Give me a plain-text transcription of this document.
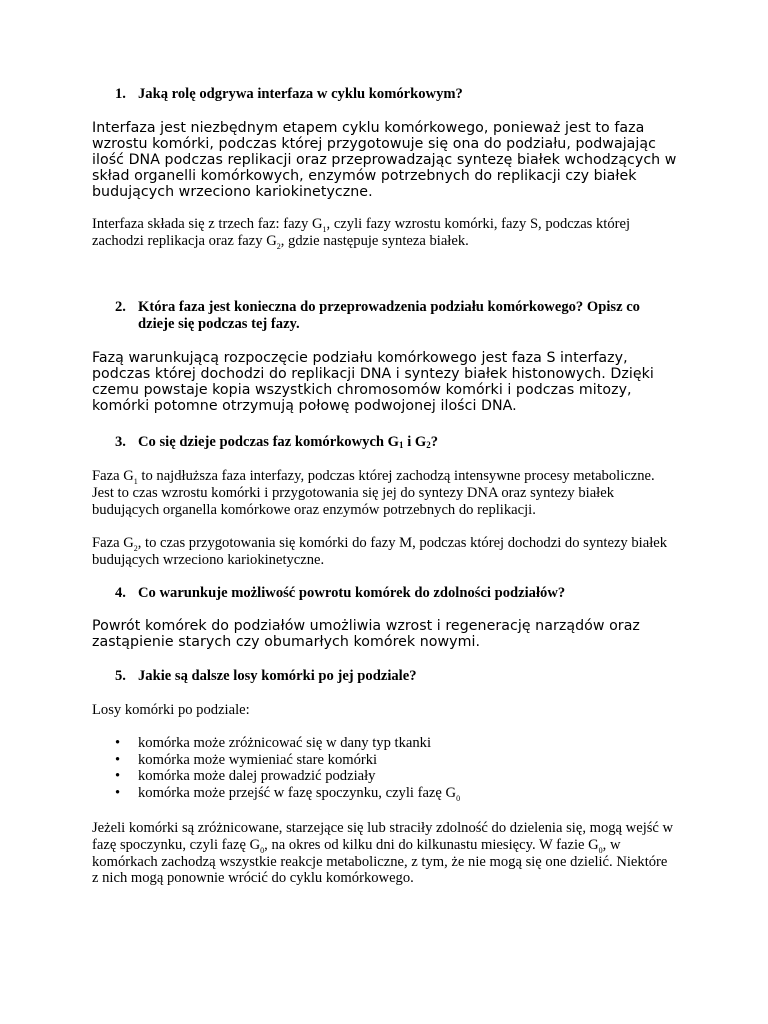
1. Jaką rolę odgrywa interfaza w cyklu komórkowym?

Interfaza jest niezbędnym etapem cyklu komórkowego, ponieważ jest to faza wzrostu komórki, podczas której przygotowuje się ona do podziału, podwajając ilość DNA podczas replikacji oraz przeprowadzając syntezę białek wchodzących w skład organelli komórkowych, enzymów potrzebnych do replikacji czy białek budujących wrzeciono kariokinetyczne.

Interfaza składa się z trzech faz: fazy $G_1$, czyli fazy wzrostu komórki, fazy S, podczas której zachodzi replikacja oraz fazy $G_2$, gdzie następuje synteza białek.

2. Która faza jest konieczna do przeprowadzenia podziału komórkowego? Opisz co dzieje się podczas tej fazy.

Fazą warunkującą rozpoczęcie podziału komórkowego jest faza S interfazy, podczas której dochodzi do replikacji DNA i syntezy białek histonowych. Dzięki czemu powstaje kopia wszystkich chromosomów komórki i podczas mitozy, komórki potomne otrzymują połowę podwojonej ilości DNA.

3. Co się dzieje podczas faz komórkowych G1 i G2?

Faza $G_1$ to najdłuższa faza interfazy, podczas której zachodzą intensywne procesy metaboliczne. Jest to czas wzrostu komórki i przygotowania się jej do syntezy DNA oraz syntezy białek budujących organella komórkowe oraz enzymów potrzebnych do replikacji.

Faza $G_2$, to czas przygotowania się komórki do fazy M, podczas której dochodzi do syntezy białek budujących wrzeciono kariokinetyczne.

4. Co warunkuje możliwość powrotu komórek do zdolności podziałów?

Powrót komórek do podziałów umożliwia wzrost i regenerację narządów oraz zastąpienie starych czy obumarłych komórek nowymi.

5. Jakie są dalsze losy komórki po jej podziale?

Losy komórki po podziale:

• komórka może zróżnicować się w dany typ tkanki
• komórka może wymieniać stare komórki
• komórka może dalej prowadzić podziały
• komórka może przejść w fazę spoczynku, czyli fazę $G_0$

Jeżeli komórki są zróżnicowane, starzejące się lub straciły zdolność do dzielenia się, mogą wejść w fazę spoczynku, czyli fazę $G_0$, na okres od kilku dni do kilkunastu miesięcy. W fazie $G_0$, w komórkach zachodzą wszystkie reakcje metaboliczne, z tym, że nie mogą się one dzielić. Niektóre z nich mogą ponownie wrócić do cyklu komórkowego.
